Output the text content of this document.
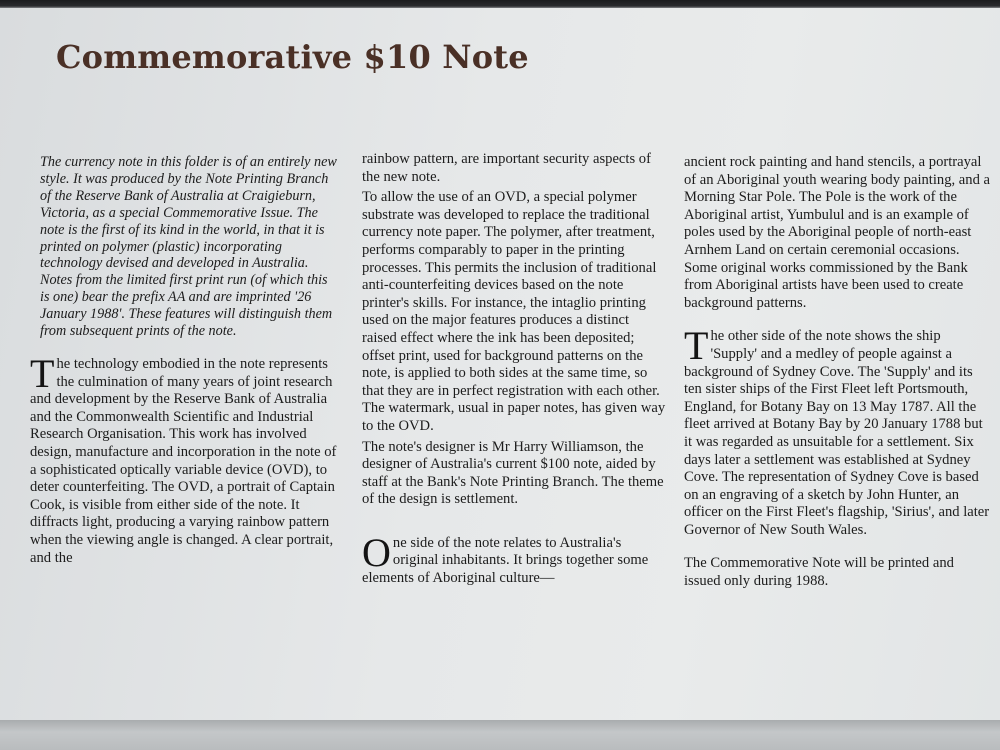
Commemorative $10 Note

The currency note in this folder is of an entirely new style. It was produced by the Note Printing Branch of the Reserve Bank of Australia at Craigieburn, Victoria, as a special Commemorative Issue. The note is the first of its kind in the world, in that it is printed on polymer (plastic) incorporating technology devised and developed in Australia. Notes from the limited first print run (of which this is one) bear the prefix AA and are imprinted '26 January 1988'. These features will distinguish them from subsequent prints of the note.

The technology embodied in the note represents the culmination of many years of joint research and development by the Reserve Bank of Australia and the Commonwealth Scientific and Industrial Research Organisation. This work has involved design, manufacture and incorporation in the note of a sophisticated optically variable device (OVD), to deter counterfeiting. The OVD, a portrait of Captain Cook, is visible from either side of the note. It diffracts light, producing a varying rainbow pattern when the viewing angle is changed. A clear portrait, and the

rainbow pattern, are important security aspects of the new note.

To allow the use of an OVD, a special polymer substrate was developed to replace the traditional currency note paper. The polymer, after treatment, performs comparably to paper in the printing processes. This permits the inclusion of traditional anti-counterfeiting devices based on the note printer's skills. For instance, the intaglio printing used on the major features produces a distinct raised effect where the ink has been deposited; offset print, used for background patterns on the note, is applied to both sides at the same time, so that they are in perfect registration with each other. The watermark, usual in paper notes, has given way to the OVD.

The note's designer is Mr Harry Williamson, the designer of Australia's current $100 note, aided by staff at the Bank's Note Printing Branch. The theme of the design is settlement.

One side of the note relates to Australia's original inhabitants. It brings together some elements of Aboriginal culture—

ancient rock painting and hand stencils, a portrayal of an Aboriginal youth wearing body painting, and a Morning Star Pole. The Pole is the work of the Aboriginal artist, Yumbulul and is an example of poles used by the Aboriginal people of north-east Arnhem Land on certain ceremonial occasions. Some original works commissioned by the Bank from Aboriginal artists have been used to create background patterns.

The other side of the note shows the ship 'Supply' and a medley of people against a background of Sydney Cove. The 'Supply' and its ten sister ships of the First Fleet left Portsmouth, England, for Botany Bay on 13 May 1787. All the fleet arrived at Botany Bay by 20 January 1788 but it was regarded as unsuitable for a settlement. Six days later a settlement was established at Sydney Cove. The representation of Sydney Cove is based on an engraving of a sketch by John Hunter, an officer on the First Fleet's flagship, 'Sirius', and later Governor of New South Wales.

The Commemorative Note will be printed and issued only during 1988.
